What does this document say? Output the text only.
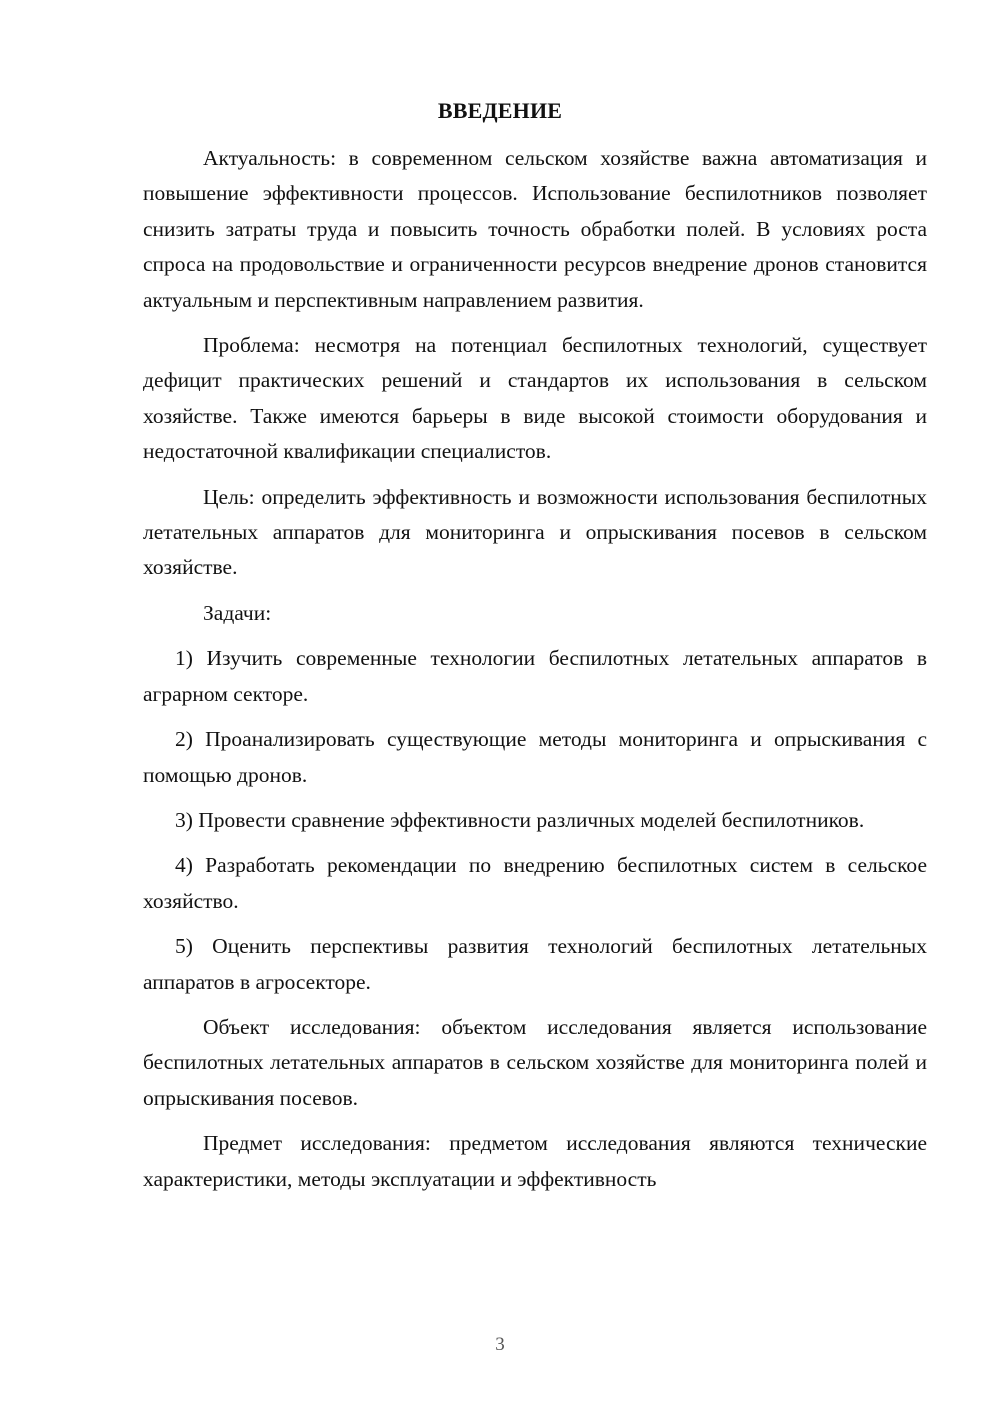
ВВЕДЕНИЕ

Актуальность: в современном сельском хозяйстве важна автоматизация и повышение эффективности процессов. Использование беспилотников позволяет снизить затраты труда и повысить точность обработки полей. В условиях роста спроса на продовольствие и ограниченности ресурсов внедрение дронов становится актуальным и перспективным направлением развития.

Проблема: несмотря на потенциал беспилотных технологий, существует дефицит практических решений и стандартов их использования в сельском хозяйстве. Также имеются барьеры в виде высокой стоимости оборудования и недостаточной квалификации специалистов.

Цель: определить эффективность и возможности использования беспилотных летательных аппаратов для мониторинга и опрыскивания посевов в сельском хозяйстве.

Задачи:

1) Изучить современные технологии беспилотных летательных аппаратов в аграрном секторе.

2) Проанализировать существующие методы мониторинга и опрыскивания с помощью дронов.

3) Провести сравнение эффективности различных моделей беспилотников.

4) Разработать рекомендации по внедрению беспилотных систем в сельское хозяйство.

5) Оценить перспективы развития технологий беспилотных летательных аппаратов в агросекторе.

Объект исследования: объектом исследования является использование беспилотных летательных аппаратов в сельском хозяйстве для мониторинга полей и опрыскивания посевов.

Предмет исследования: предметом исследования являются технические характеристики, методы эксплуатации и эффективность

3
